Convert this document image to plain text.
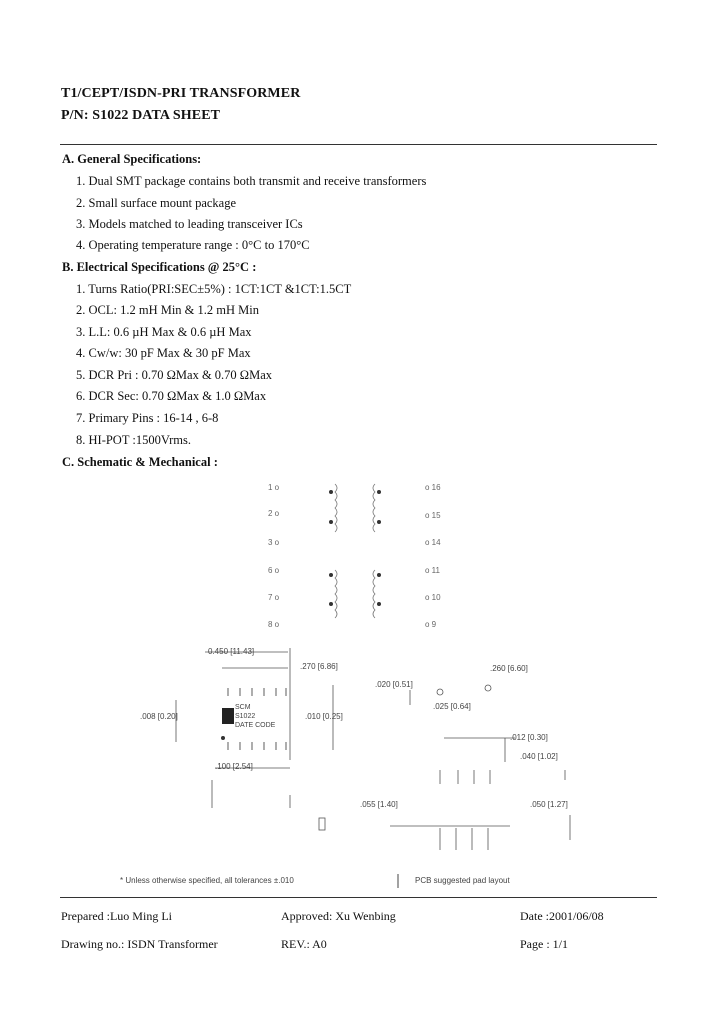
T1/CEPT/ISDN-PRI TRANSFORMER
P/N: S1022 DATA SHEET
A. General Specifications:
1. Dual SMT package contains both transmit and receive transformers
2. Small surface mount package
3. Models matched to leading transceiver ICs
4. Operating temperature range : 0°C to 170°C
B. Electrical Specifications @ 25°C :
1. Turns Ratio(PRI:SEC±5%) : 1CT:1CT &1CT:1.5CT
2. OCL: 1.2 mH Min & 1.2 mH Min
3. L.L: 0.6 µH Max & 0.6 µH Max
4. Cw/w: 30 pF Max & 30 pF Max
5. DCR Pri : 0.70 ΩMax & 0.70 ΩMax
6. DCR Sec: 0.70 ΩMax & 1.0 ΩMax
7. Primary Pins : 16-14 , 6-8
8. HI-POT :1500Vrms.
C. Schematic & Mechanical :
1 o
2 o
3 o
6 o
7 o
8 o
o 16
o 15
o 14
o 11
o 10
o 9
0.450 [11.43]
.270 [6.86]	.260 [6.60]
.020 [0.51]
.008 [0.20]	.010 [0.25]
.025 [0.64]
.012 [0.30]
.040 [1.02]
.100 [2.54]
.055 [1.40]	.050 [1.27]
SCM
S1022
DATE CODE
* Unless otherwise specified, all tolerances ±.010	PCB suggested pad layout
Prepared :Luo Ming Li	Approved: Xu Wenbing	Date :2001/06/08
Drawing no.: ISDN Transformer	REV.: A0	Page : 1/1
